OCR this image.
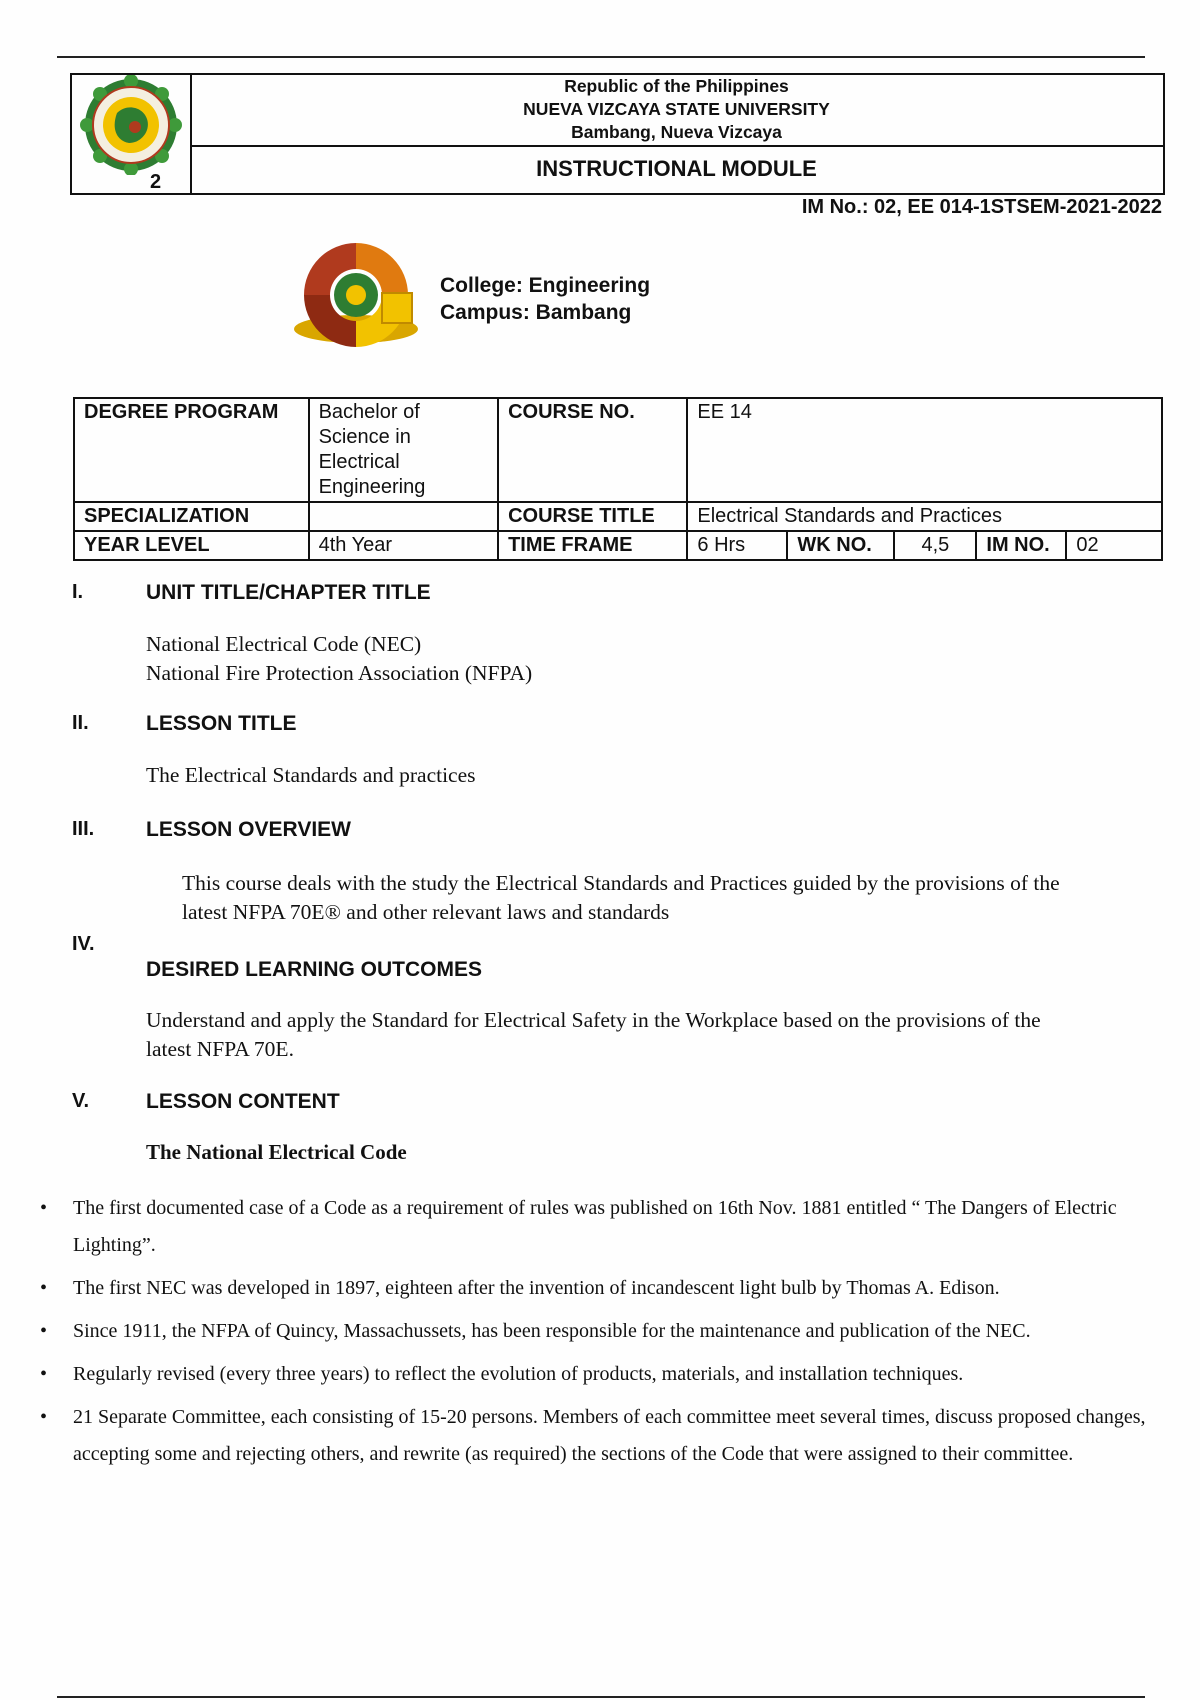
2
Republic of the Philippines
NUEVA VIZCAYA STATE UNIVERSITY
Bambang, Nueva Vizcaya
INSTRUCTIONAL MODULE
IM No.: 02, EE 014-1STSEM-2021-2022
College: Engineering
Campus: Bambang
DEGREE PROGRAM	Bachelor of
Science in
Electrical
Engineering	COURSE NO.	EE 14
SPECIALIZATION		COURSE TITLE	Electrical Standards and Practices
YEAR LEVEL	4th Year	TIME FRAME	6 Hrs WK NO. 4,5 IM NO. 02
I.	UNIT TITLE/CHAPTER TITLE
National Electrical Code (NEC)
National Fire Protection Association (NFPA)
II.	LESSON TITLE
The Electrical Standards and practices
III. LESSON OVERVIEW
This course deals with the study the Electrical Standards and Practices guided by the provisions of the
latest NFPA 70E® and other relevant laws and standards
IV.
DESIRED LEARNING OUTCOMES
Understand and apply the Standard for Electrical Safety in the Workplace based on the provisions of the
latest NFPA 70E.
V.	LESSON CONTENT
The National Electrical Code
• The first documented case of a Code as a requirement of rules was published on 16th Nov. 1881 entitled “ The Dangers of Electric Lighting”.
• The first NEC was developed in 1897, eighteen after the invention of incandescent light bulb by Thomas A. Edison.
• Since 1911, the NFPA of Quincy, Massachussets, has been responsible for the maintenance and publication of the NEC.
• Regularly revised (every three years) to reflect the evolution of products, materials, and installation techniques.
• 21 Separate Committee, each consisting of 15-20 persons. Members of each committee meet several times, discuss proposed changes, accepting some and rejecting others, and rewrite (as required) the sections of the Code that were assigned to their committee.
